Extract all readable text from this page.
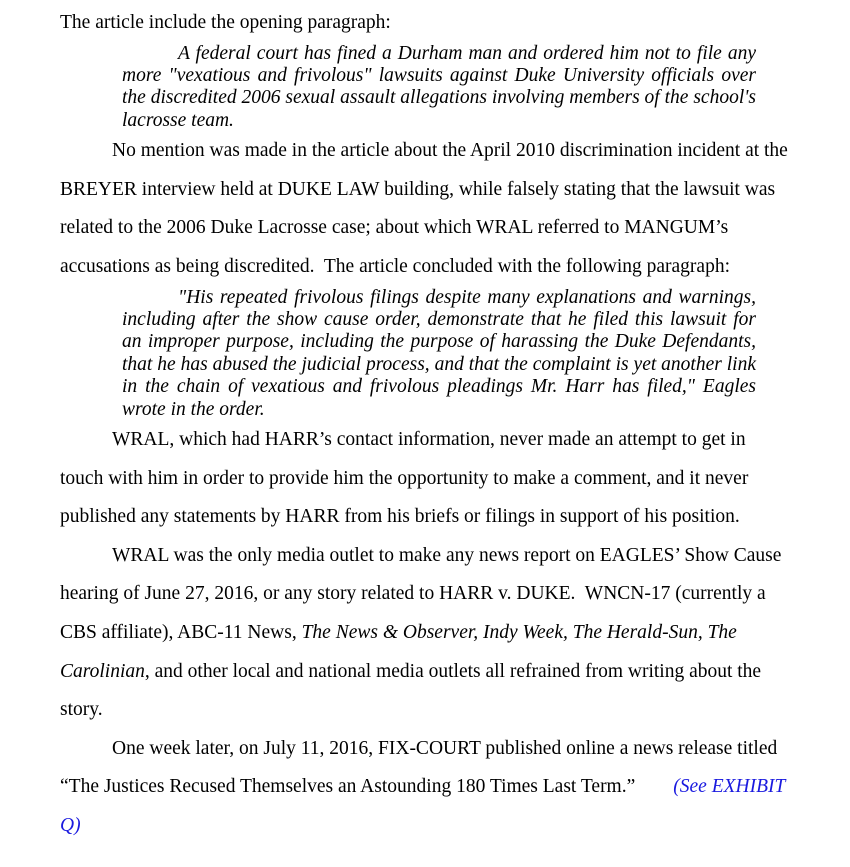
The article include the opening paragraph:

A federal court has fined a Durham man and ordered him not to file any more "vexatious and frivolous" lawsuits against Duke University officials over the discredited 2006 sexual assault allegations involving members of the school's lacrosse team.

No mention was made in the article about the April 2010 discrimination incident at the BREYER interview held at DUKE LAW building, while falsely stating that the lawsuit was related to the 2006 Duke Lacrosse case; about which WRAL referred to MANGUM’s accusations as being discredited.  The article concluded with the following paragraph:

"His repeated frivolous filings despite many explanations and warnings, including after the show cause order, demonstrate that he filed this lawsuit for an improper purpose, including the purpose of harassing the Duke Defendants, that he has abused the judicial process, and that the complaint is yet another link in the chain of vexatious and frivolous pleadings Mr. Harr has filed," Eagles wrote in the order.

WRAL, which had HARR’s contact information, never made an attempt to get in touch with him in order to provide him the opportunity to make a comment, and it never published any statements by HARR from his briefs or filings in support of his position.

WRAL was the only media outlet to make any news report on EAGLES’ Show Cause hearing of June 27, 2016, or any story related to HARR v. DUKE.  WNCN-17 (currently a CBS affiliate), ABC-11 News, The News & Observer, Indy Week, The Herald-Sun, The Carolinian, and other local and national media outlets all refrained from writing about the story.

One week later, on July 11, 2016, FIX-COURT published online a news release titled “The Justices Recused Themselves an Astounding 180 Times Last Term.” (See EXHIBIT Q)
